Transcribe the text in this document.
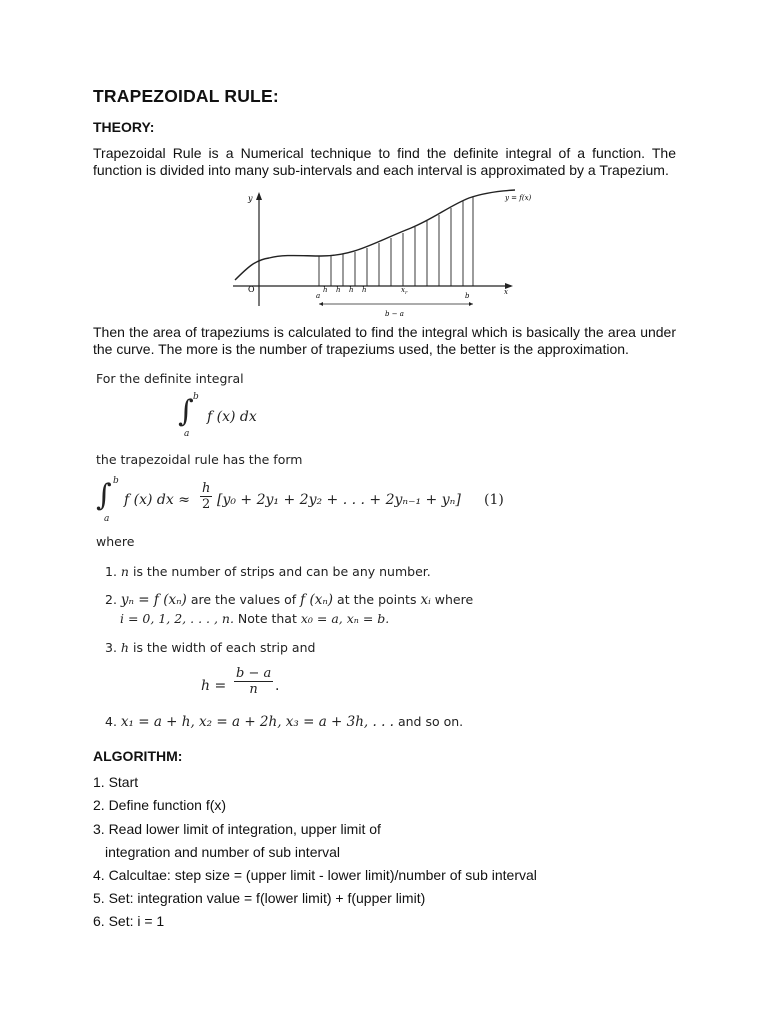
TRAPEZOIDAL RULE:
THEORY:
Trapezoidal Rule is a Numerical technique to find the definite integral of a function. The
function is divided into many sub-intervals and each interval is approximated by a Trapezium.
y	y = f(x)
O	x
h h h h
a	b
$x_r$
b − a
Then the area of trapeziums is calculated to find the integral which is basically the area under
the curve. The more is the number of trapeziums used, the better is the approximation.
For the definite integral
∫ b
a
f (x) dx
the trapezoidal rule has the form
∫ b
a
f (x) dx ≈ $\frac{h}{2} [y_0 + 2y_1 + 2y_2$ + . . . + 2yₙ₋₁ + yₙ] (1)
where
1. n is the number of strips and can be any number.
2. yₙ = f (xₙ) are the values of f (xₙ) at the points xᵢ where
i = 0, 1, 2, . . . , n. Note that x₀ = a, xₙ = b.
3. h is the width of each strip and
$h = \frac{b - a}{n}$ .
4. x₁ = a + h, x₂ = a + 2h, x₃ = a + 3h, . . . and so on.
ALGORITHM:
1. Start
2. Define function f(x)
3. Read lower limit of integration, upper limit of
integration and number of sub interval
4. Calcultae: step size = (upper limit - lower limit)/number of sub interval
5. Set: integration value = f(lower limit) + f(upper limit)
6. Set: i = 1
